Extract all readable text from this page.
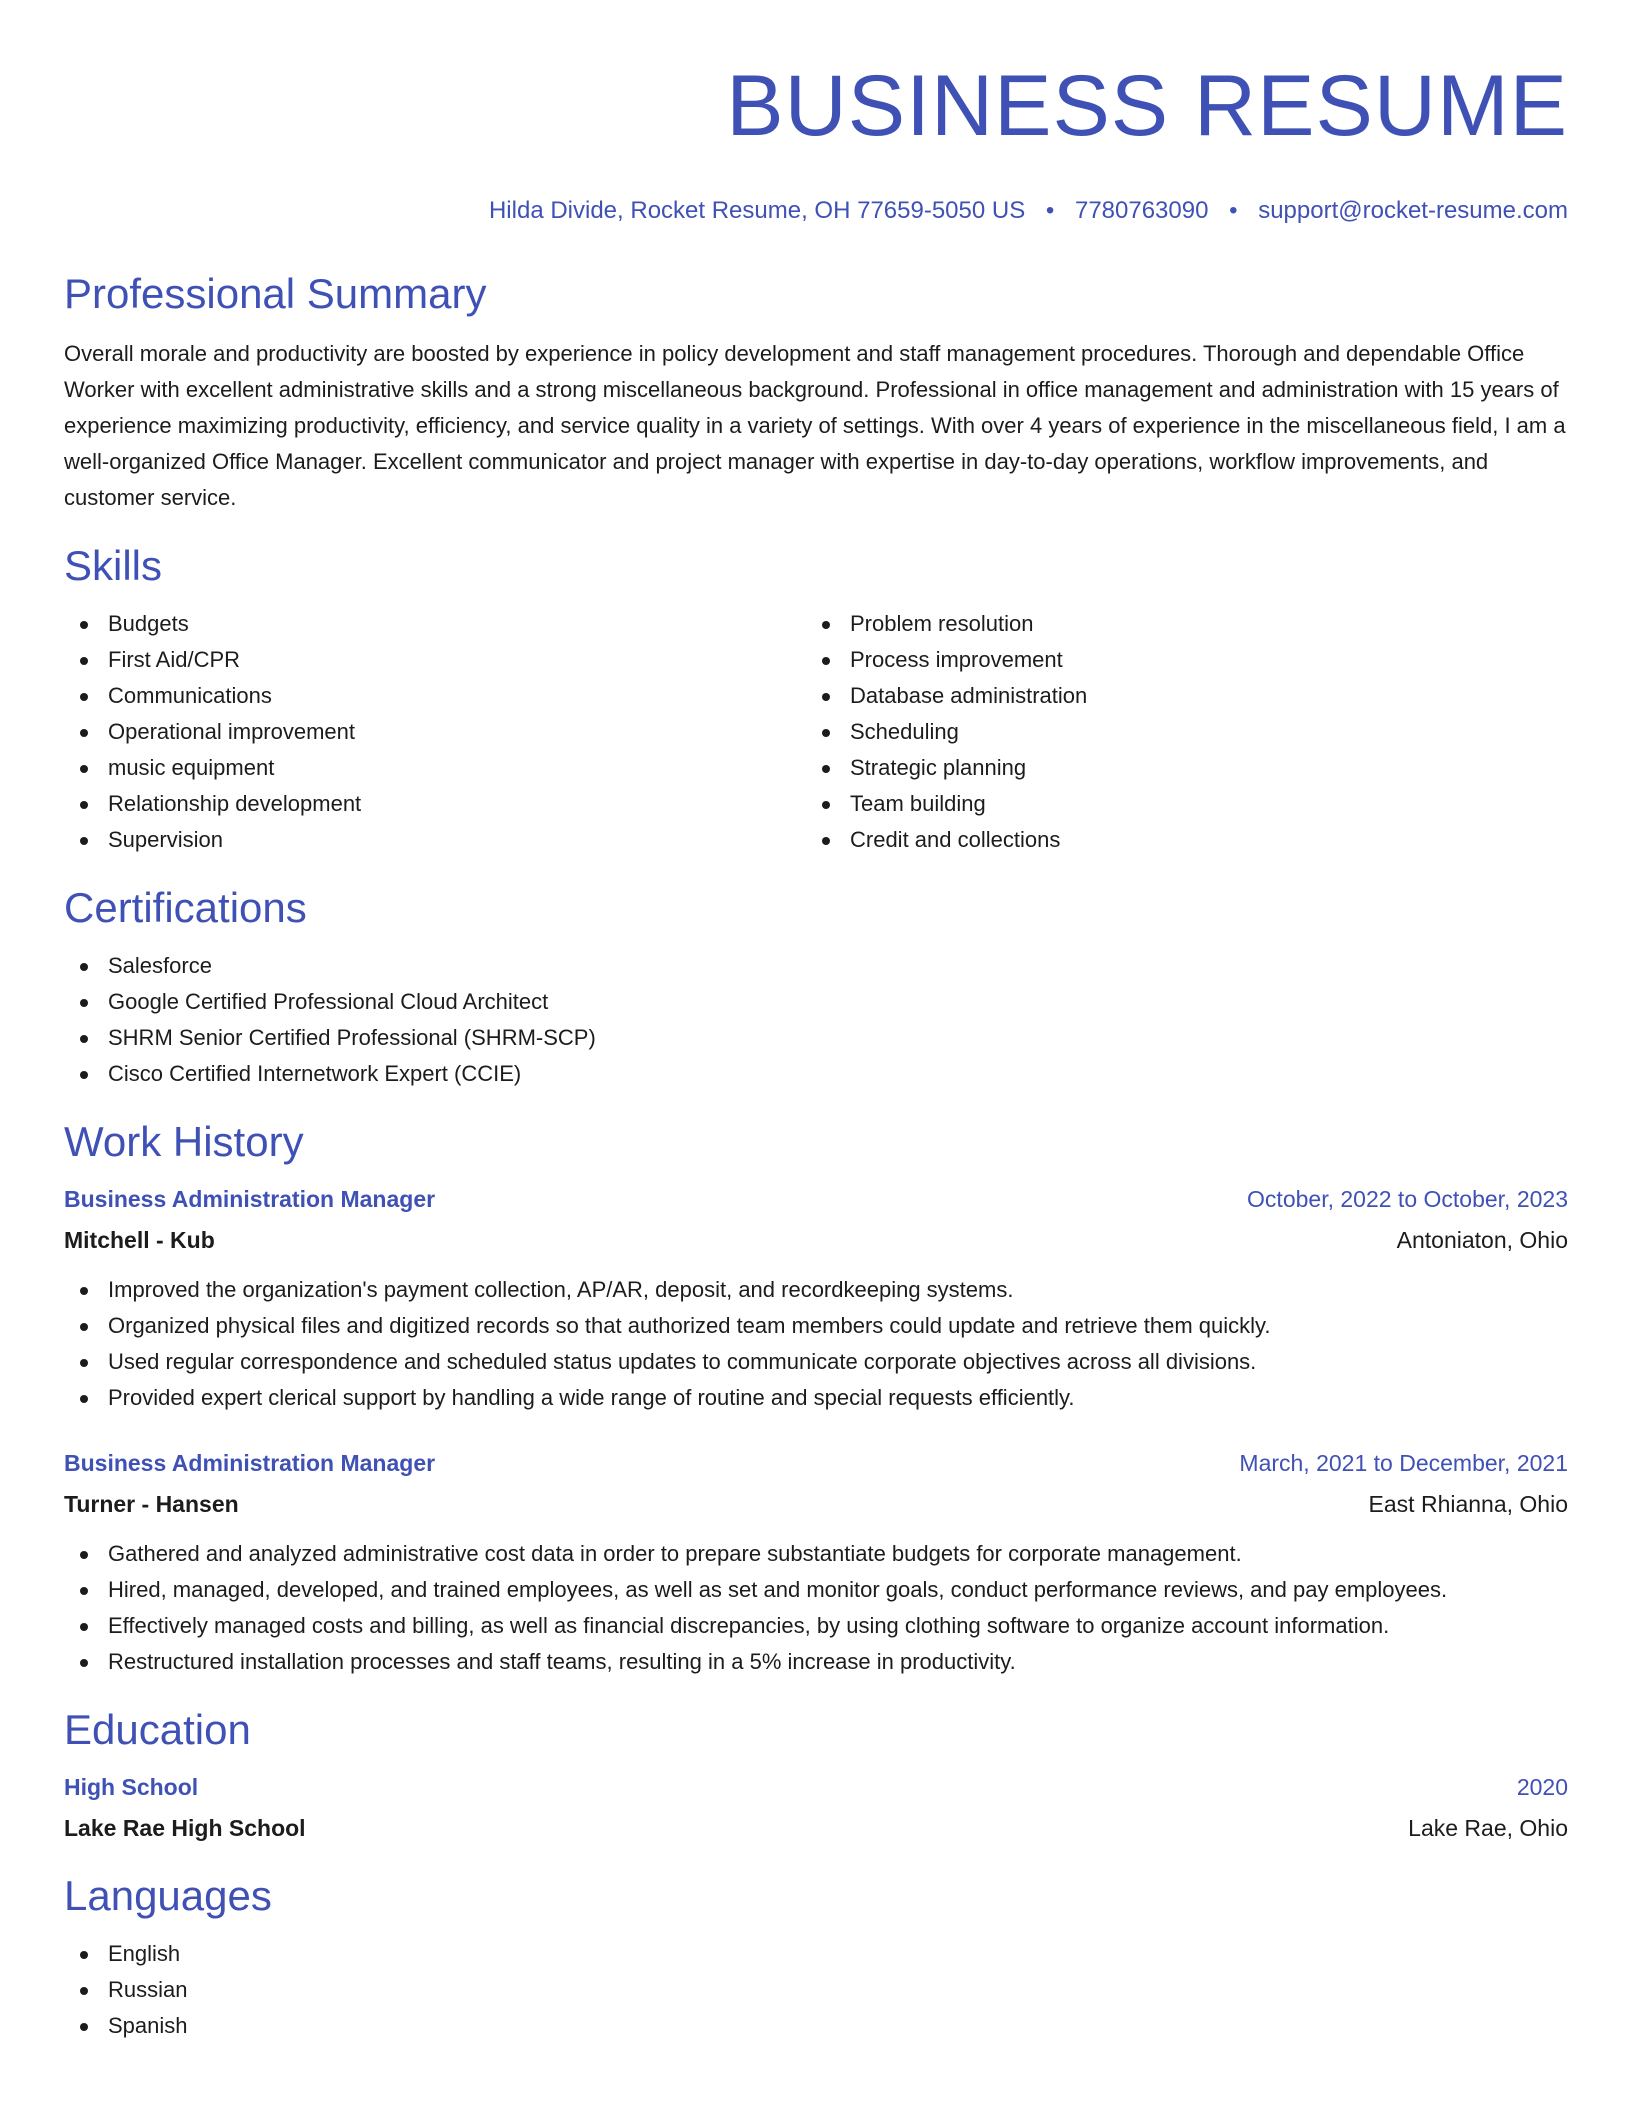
BUSINESS RESUME
Hilda Divide, Rocket Resume, OH 77659-5050 US • 7780763090 • support@rocket-resume.com
Professional Summary

Overall morale and productivity are boosted by experience in policy development and staff management procedures. Thorough and dependable Office Worker with excellent administrative skills and a strong miscellaneous background. Professional in office management and administration with 15 years of experience maximizing productivity, efficiency, and service quality in a variety of settings. With over 4 years of experience in the miscellaneous field, I am a well-organized Office Manager. Excellent communicator and project manager with expertise in day-to-day operations, workflow improvements, and customer service.

Skills
Budgets
First Aid/CPR
Communications
Operational improvement
music equipment
Relationship development
Supervision
Problem resolution
Process improvement
Database administration
Scheduling
Strategic planning
Team building
Credit and collections
Certifications
Salesforce
Google Certified Professional Cloud Architect
SHRM Senior Certified Professional (SHRM-SCP)
Cisco Certified Internetwork Expert (CCIE)
Work History
Business Administration Manager	October, 2022 to October, 2023
Mitchell - Kub	Antoniaton, Ohio
Improved the organization's payment collection, AP/AR, deposit, and recordkeeping systems.
Organized physical files and digitized records so that authorized team members could update and retrieve them quickly.
Used regular correspondence and scheduled status updates to communicate corporate objectives across all divisions.
Provided expert clerical support by handling a wide range of routine and special requests efficiently.
Business Administration Manager	March, 2021 to December, 2021
Turner - Hansen	East Rhianna, Ohio
Gathered and analyzed administrative cost data in order to prepare substantiate budgets for corporate management.
Hired, managed, developed, and trained employees, as well as set and monitor goals, conduct performance reviews, and pay employees.
Effectively managed costs and billing, as well as financial discrepancies, by using clothing software to organize account information.
Restructured installation processes and staff teams, resulting in a 5% increase in productivity.
Education
High School	2020
Lake Rae High School	Lake Rae, Ohio
Languages
English
Russian
Spanish
